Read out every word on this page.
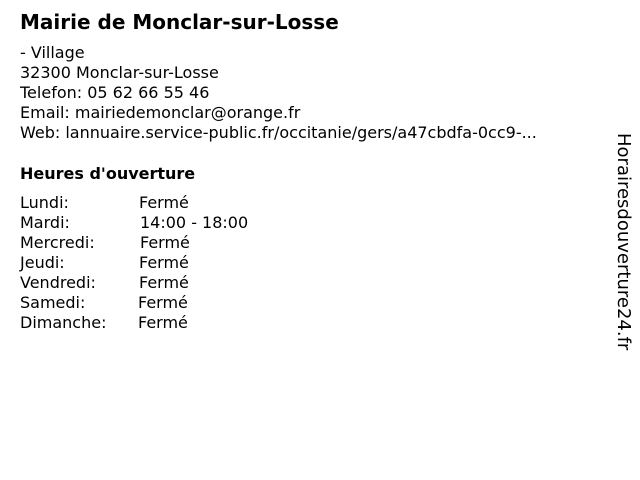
Mairie de Monclar-sur-Losse
- Village
32300 Monclar-sur-Losse
Telefon: 05 62 66 55 46
Email: mairiedemonclar@orange.fr
Web: lannuaire.service-public.fr/occitanie/gers/a47cbdfa-0cc9-...
Heures d'ouverture
Lundi:	Fermé
Mardi:	14:00 - 18:00
Mercredi:	Fermé
Jeudi:	Fermé
Vendredi:	Fermé
Samedi:	Fermé
Dimanche: Fermé	Horairesdouverture24.fr
